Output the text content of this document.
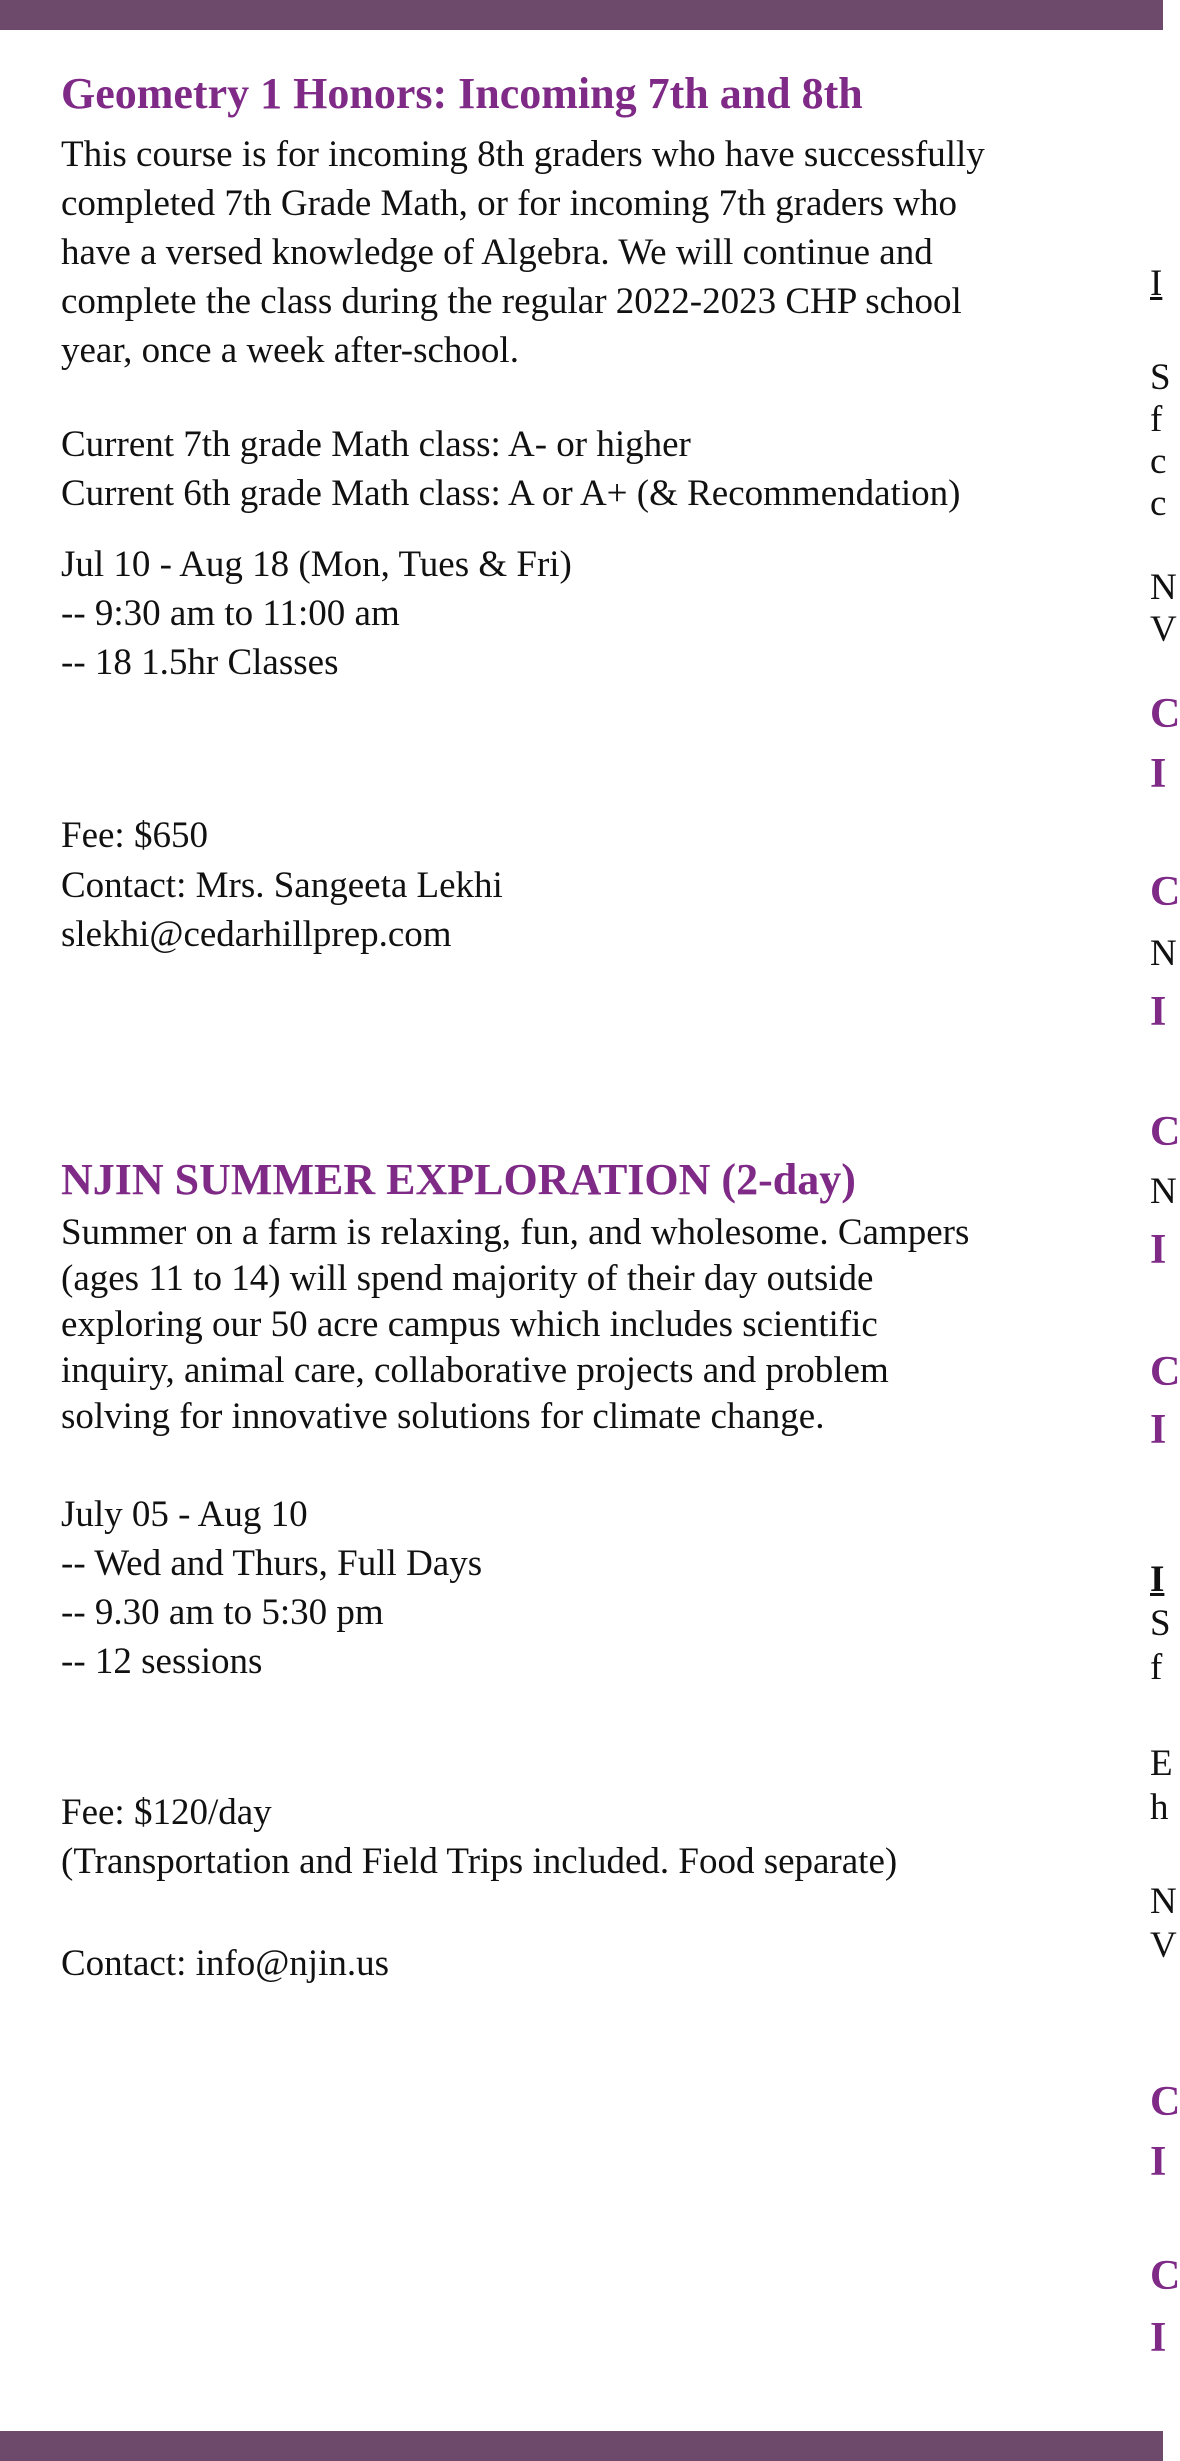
Geometry 1 Honors: Incoming 7th and 8th
This course is for incoming 8th graders who have successfully
completed 7th Grade Math, or for incoming 7th graders who
have a versed knowledge of Algebra. We will continue and
complete the class during the regular 2022-2023 CHP school
year, once a week after-school.
Current 7th grade Math class: A- or higher
Current 6th grade Math class: A or A+ (& Recommendation)
Jul 10 - Aug 18 (Mon, Tues & Fri)
-- 9:30 am to 11:00 am
-- 18 1.5hr Classes
Fee: $650
Contact: Mrs. Sangeeta Lekhi
slekhi@cedarhillprep.com
NJIN SUMMER EXPLORATION (2-day)
Summer on a farm is relaxing, fun, and wholesome. Campers
(ages 11 to 14) will spend majority of their day outside
exploring our 50 acre campus which includes scientific
inquiry, animal care, collaborative projects and problem
solving for innovative solutions for climate change.
July 05 - Aug 10
-- Wed and Thurs, Full Days
-- 9.30 am to 5:30 pm
-- 12 sessions
Fee: $120/day
(Transportation and Field Trips included. Food separate)
Contact: info@njin.us
I
S
f
c
c
N
V
C
I
C
N
I
C
N
I
C
I
I
S
f
E
h
N
V
C
I
C
I
